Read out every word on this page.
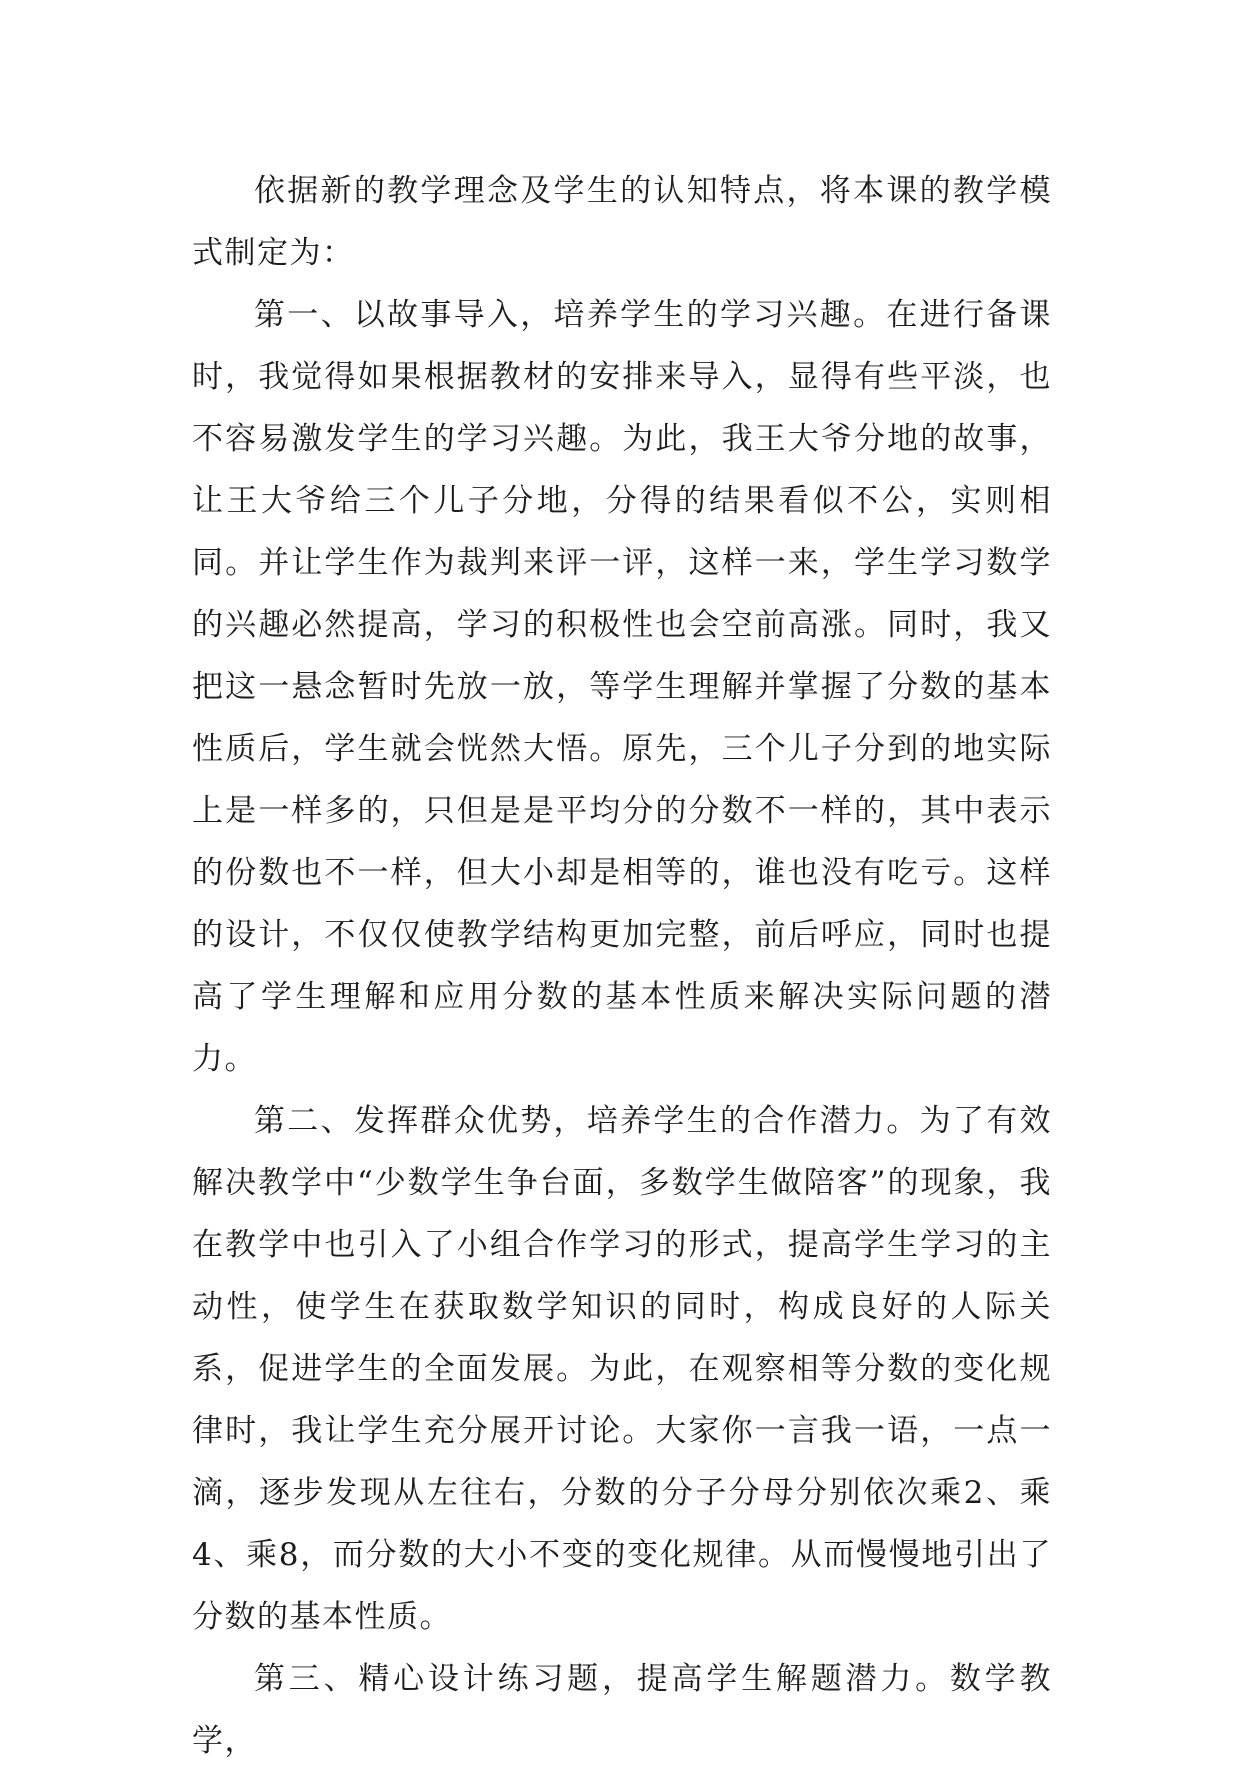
依据新的教学理念及学生的认知特点，将本课的教学模式制定为：

第一、以故事导入，培养学生的学习兴趣。在进行备课时，我觉得如果根据教材的安排来导入，显得有些平淡，也不容易激发学生的学习兴趣。为此，我王大爷分地的故事，让王大爷给三个儿子分地，分得的结果看似不公，实则相同。并让学生作为裁判来评一评，这样一来，学生学习数学的兴趣必然提高，学习的积极性也会空前高涨。同时，我又把这一悬念暂时先放一放，等学生理解并掌握了分数的基本性质后，学生就会恍然大悟。原先，三个儿子分到的地实际上是一样多的，只但是是平均分的分数不一样的，其中表示的份数也不一样，但大小却是相等的，谁也没有吃亏。这样的设计，不仅仅使教学结构更加完整，前后呼应，同时也提高了学生理解和应用分数的基本性质来解决实际问题的潜力。

第二、发挥群众优势，培养学生的合作潜力。为了有效解决教学中“少数学生争台面，多数学生做陪客”的现象，我在教学中也引入了小组合作学习的形式，提高学生学习的主动性，使学生在获取数学知识的同时，构成良好的人际关系，促进学生的全面发展。为此，在观察相等分数的变化规律时，我让学生充分展开讨论。大家你一言我一语，一点一滴，逐步发现从左往右，分数的分子分母分别依次乘2、乘4、乘8，而分数的大小不变的变化规律。从而慢慢地引出了分数的基本性质。

第三、精心设计练习题，提高学生解题潜力。数学教学，
